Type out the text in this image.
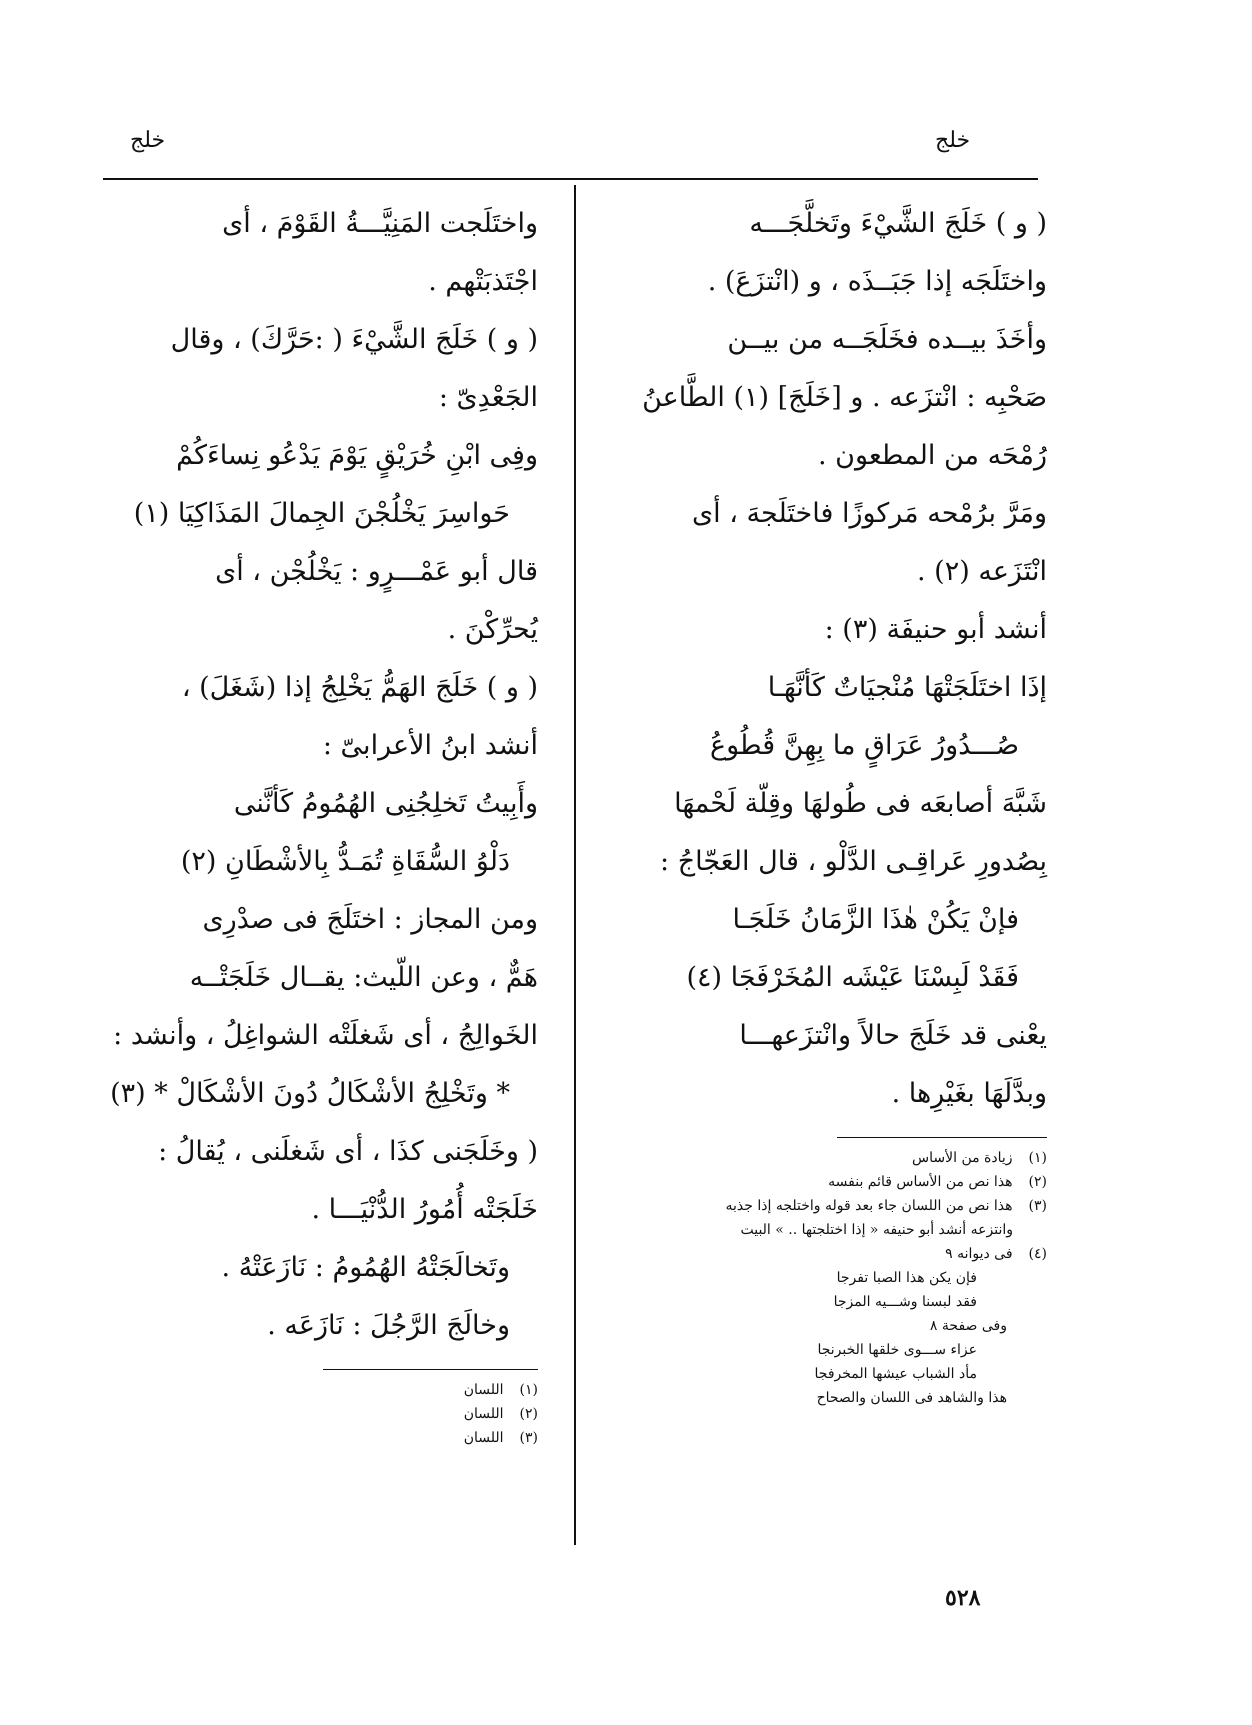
خلج
خلج
( و ) خَلَجَ الشَّيْءَ وتَخلَّجَـــه
واختَلَجَه إذا جَبَــذَه ، و (انْتزَعَ) .
وأخَذَ بيــده فخَلَجَــه من بيــن
صَحْبِه : انْتزَعه . و [خَلَجَ] (١) الطَّاعنُ
رُمْحَه من المطعون .
ومَرَّ برُمْحه مَركوزًا فاختَلَجهَ ، أى
انْتَزَعه (٢) .
أنشد أبو حنيفَة (٣) :
إذَا اختَلَجَتْهَا مُنْجيَاتٌ كَأنَّهَـا
صُـــدُورُ عَرَاقٍ ما بِهِنَّ قُطُوعُ
شَبَّهَ أصابعَه فى طُولهَا وقِلّة لَحْمهَا
بِصُدورِ عَراقِـى الدَّلْو ، قال العَجّاجُ :
فإنْ يَكُنْ هٰذَا الزَّمَانُ خَلَجَـا
فَقَدْ لَبِسْنَا عَيْشَه المُخَرْفَجَا (٤)
يعْنى قد خَلَجَ حالاً وانْتزَعهـــا
وبدَّلَهَا بغَيْرِها .
(١) زيادة من الأساس
(٢) هذا نص من الأساس قائم بنفسه
(٣) هذا نص من اللسان جاء بعد قوله واختلجه إذا جذبه
وانتزعه أنشد أبو حنيفه « إذا اختلجتها .. » البيت
(٤) فى ديوانه ٩
فإن يكن هذا الصبا تفرجا
فقد لبسنا وشـــيه المزجا
وفى صفحة ٨
عزاء ســـوى خلقها الخبرنجا
مأد الشباب عيشها المخرفجا
هذا والشاهد فى اللسان والصحاح
واختَلَجت المَنِيَّـــةُ القَوْمَ ، أى
اجْتَذبَتْهم .
( و ) خَلَجَ الشَّيْءَ ( :حَرَّكَ) ، وقال
الجَعْدِىّ :
وفِى ابْنِ خُرَيْقٍ يَوْمَ يَدْعُو نِساءَكُمْ
حَواسِرَ يَخْلُجْنَ الجِمالَ المَذَاكِيَا (١)
قال أبو عَمْـــرٍو : يَخْلُجْن ، أى
يُحرِّكْنَ .
( و ) خَلَجَ الهَمُّ يَخْلِجُ إذا (شَغَلَ) ،
أنشد ابنُ الأعرابىّ :
وأَبِيتُ تَخلِجُنِى الهُمُومُ كَأنَّنى
دَلْوُ السُّقَاةِ تُمَـدُّ بِالأشْطَانِ (٢)
ومن المجاز : اختَلَجَ فى صدْرِى
هَمٌّ ، وعن اللّيث: يقــال خَلَجَتْــه
الخَوالِجُ ، أى شَغلَتْه الشواغِلُ ، وأنشد :
* وتَخْلِجُ الأشْكَالُ دُونَ الأشْكَالْ * (٣)
( وخَلَجَنى كذَا ، أى شَغلَنى ، يُقالُ :
خَلَجَتْه أُمُورُ الدُّنْيَـــا .
وتَخالَجَتْهُ الهُمُومُ : نَازَعَتْهُ .
وخالَجَ الرَّجُلَ : نَازَعَه .
(١) اللسان
(٢) اللسان
(٣) اللسان
٥٢٨
